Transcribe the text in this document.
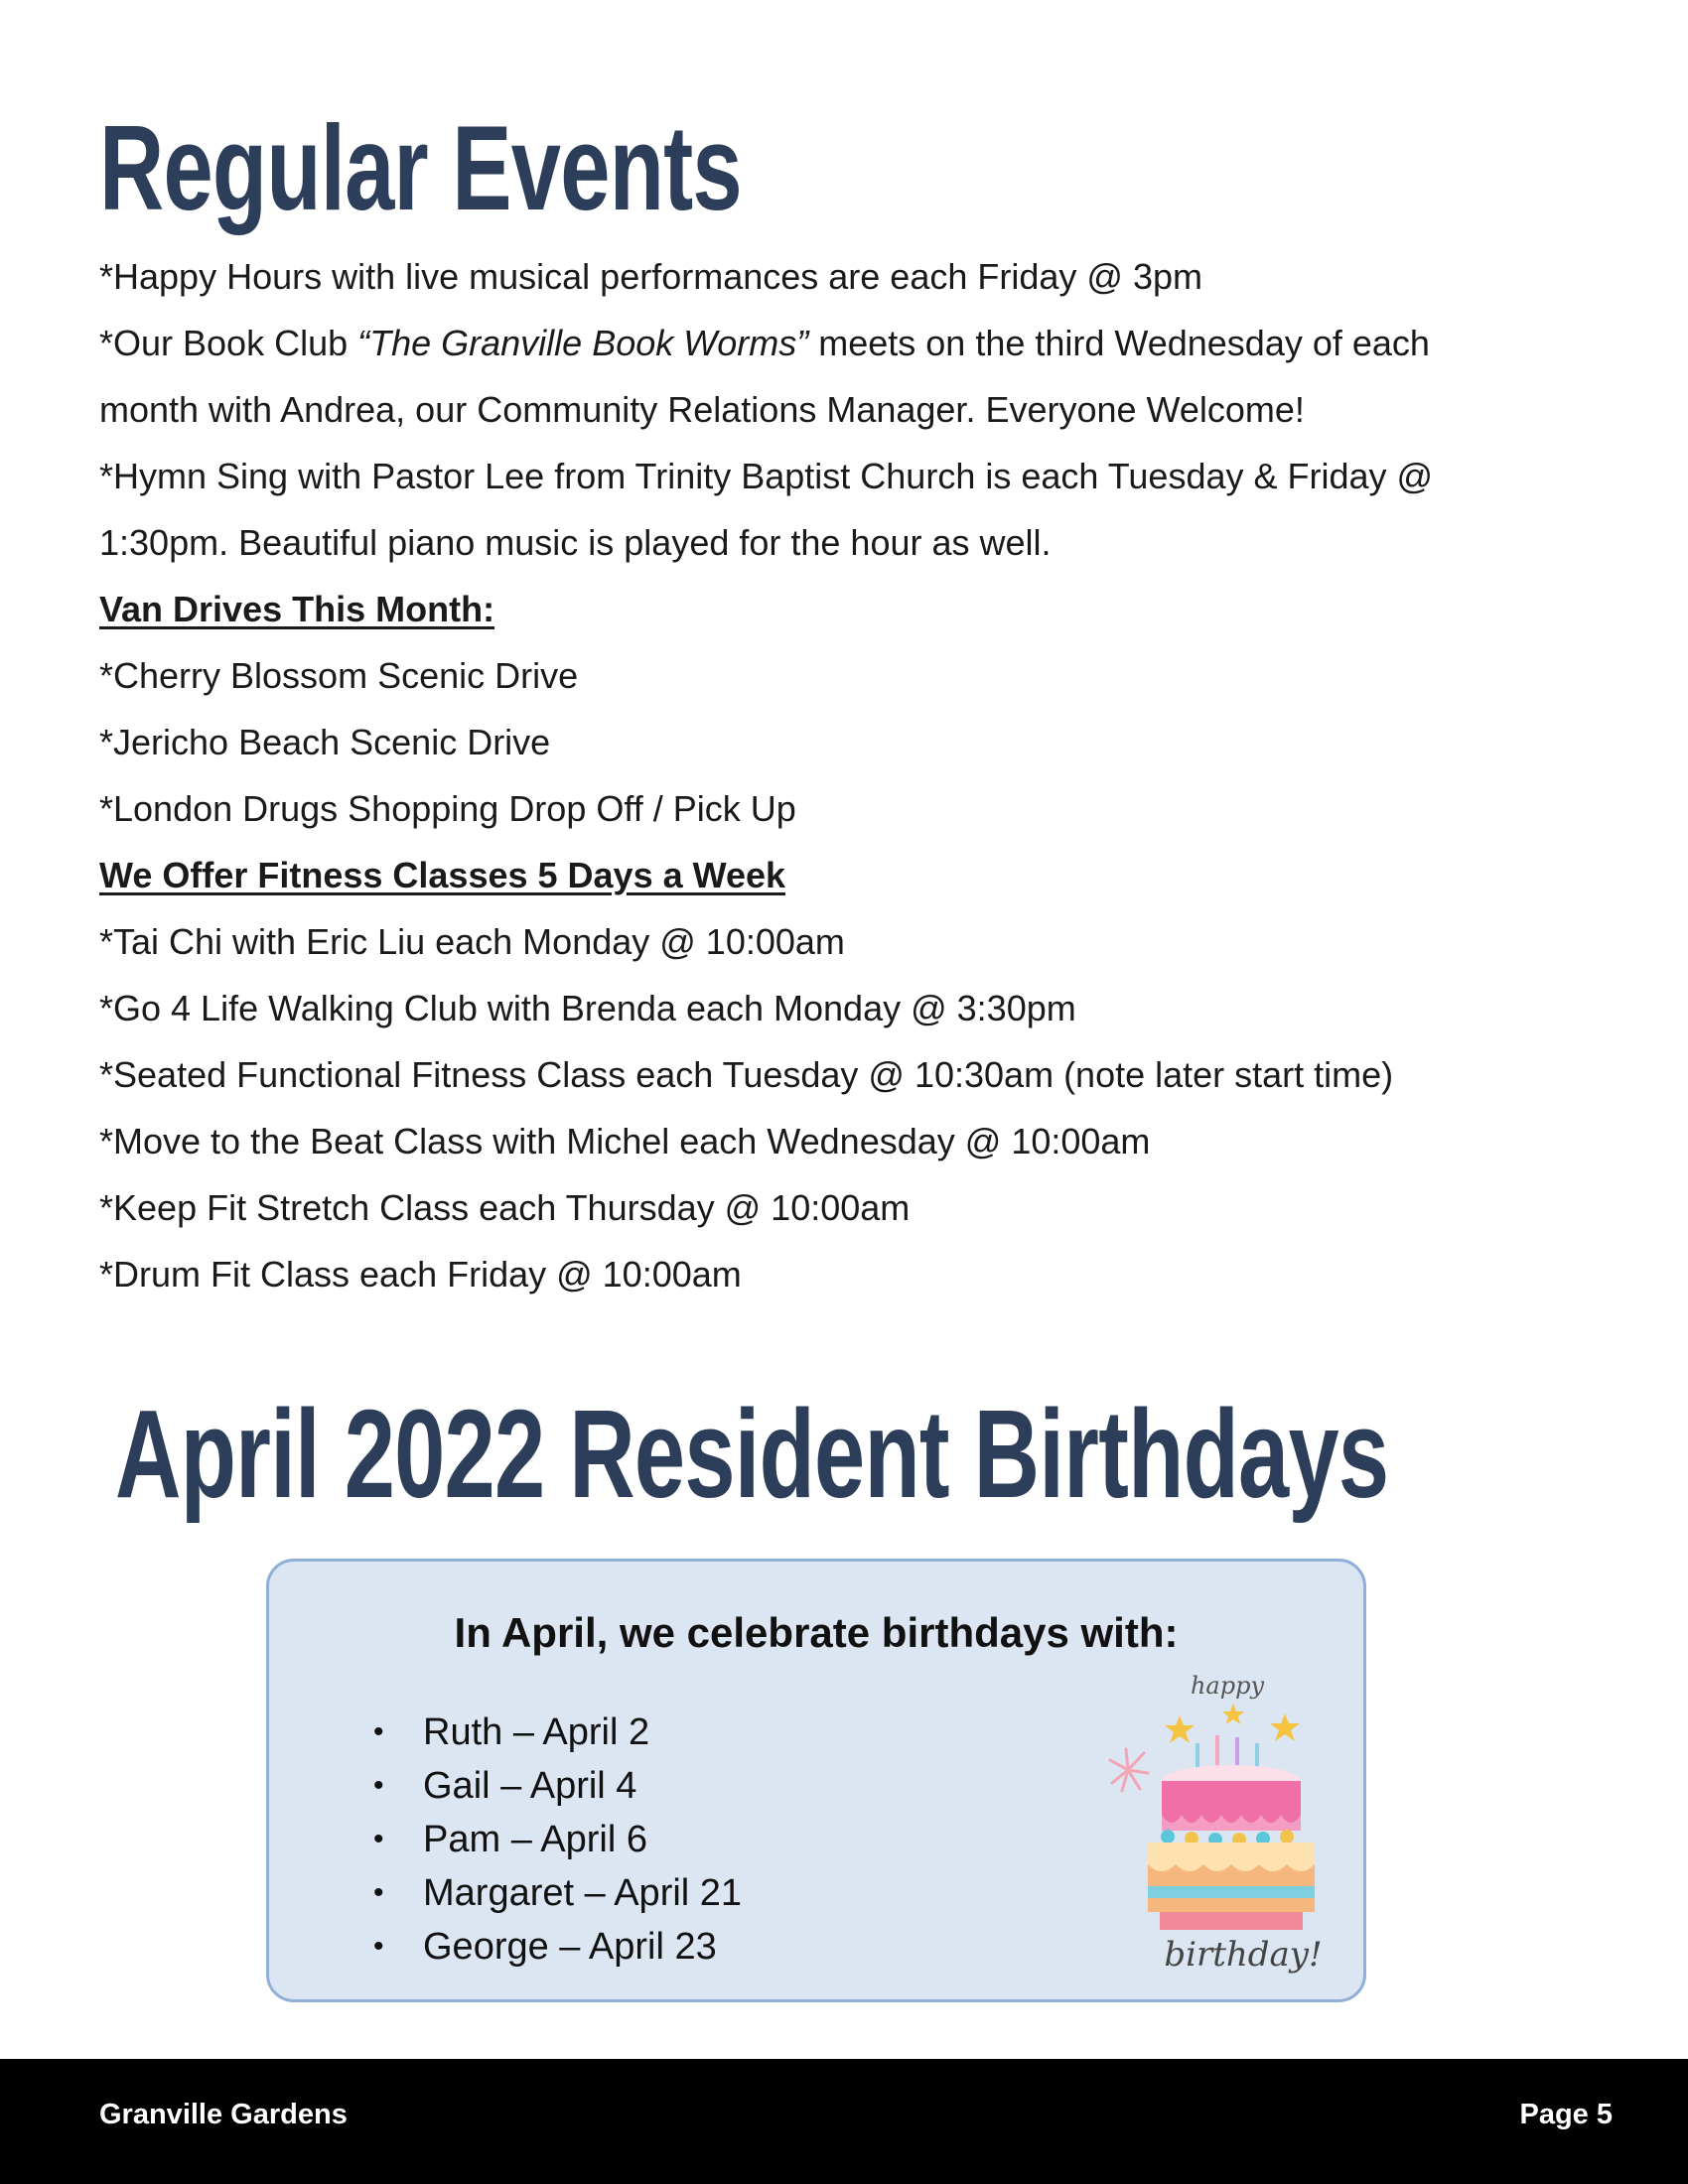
Regular Events
*Happy Hours with live musical performances are each Friday @ 3pm
*Our Book Club “The Granville Book Worms” meets on the third Wednesday of each
month with Andrea, our Community Relations Manager. Everyone Welcome!
*Hymn Sing with Pastor Lee from Trinity Baptist Church is each Tuesday & Friday @
1:30pm. Beautiful piano music is played for the hour as well.
Van Drives This Month:
*Cherry Blossom Scenic Drive
*Jericho Beach Scenic Drive
*London Drugs Shopping Drop Off / Pick Up
We Offer Fitness Classes 5 Days a Week
*Tai Chi with Eric Liu each Monday @ 10:00am
*Go 4 Life Walking Club with Brenda each Monday @ 3:30pm
*Seated Functional Fitness Class each Tuesday @ 10:30am (note later start time)
*Move to the Beat Class with Michel each Wednesday @ 10:00am
*Keep Fit Stretch Class each Thursday @ 10:00am
*Drum Fit Class each Friday @ 10:00am
April 2022 Resident Birthdays
In April, we celebrate birthdays with:
• Ruth – April 2
• Gail – April 4
• Pam – April 6
• Margaret – April 21
• George – April 23
happy
birthday!
Granville Gardens	Page 5
